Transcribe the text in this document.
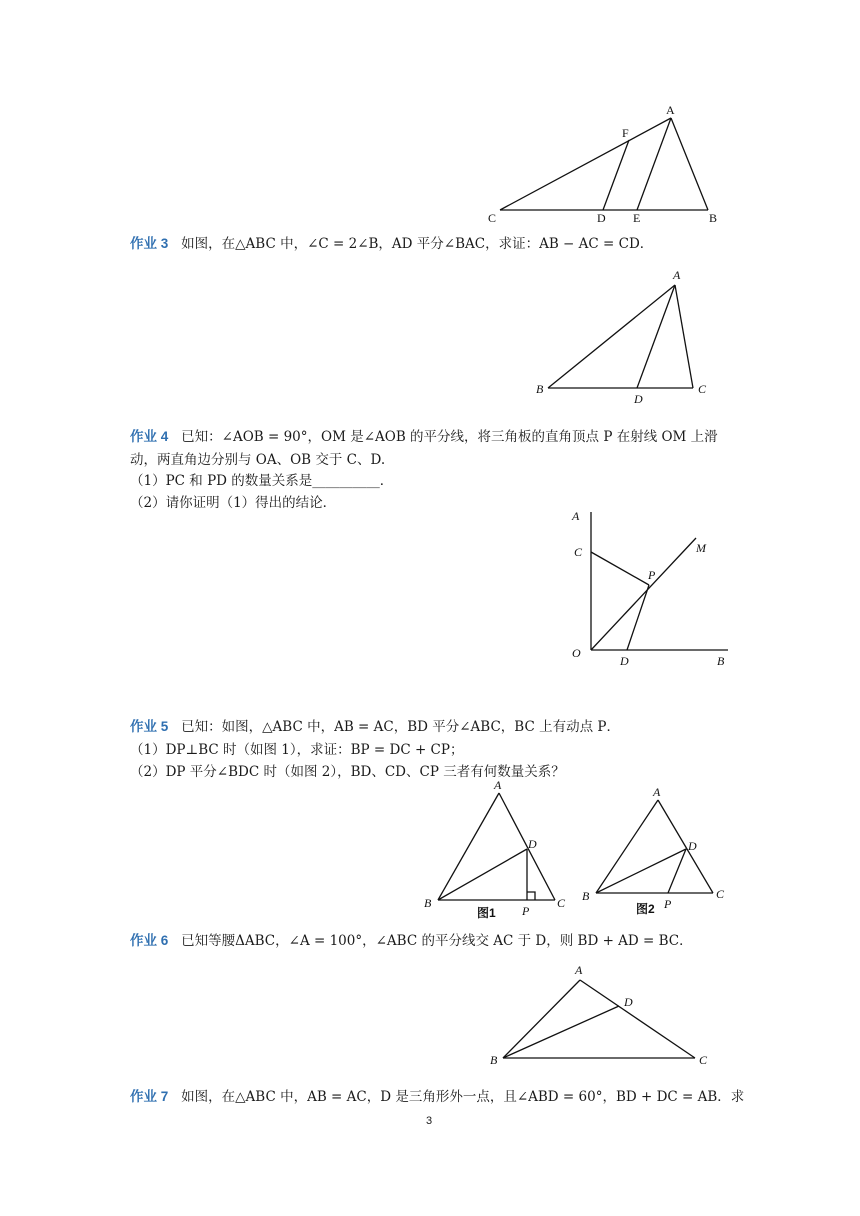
A
F
C	D E	B
作业 3 如图，在△ABC 中，∠C = 2∠B，AD 平分∠BAC，求证：AB − AC = CD．
A
B
D
C
作业 4 已知：∠AOB = 90°，OM 是∠AOB 的平分线，将三角板的直角顶点 P 在射线 OM 上滑
动，两直角边分别与 OA、OB 交于 C、D.
（1）PC 和 PD 的数量关系是__________．
（2）请你证明（1）得出的结论．
A
C	M
P
O
D	B
作业 5 已知：如图，△ABC 中，AB = AC，BD 平分∠ABC，BC 上有动点 P．
（1）DP⊥BC 时（如图 1），求证：BP = DC + CP；
（2）DP 平分∠BDC 时（如图 2），BD、CD、CP 三者有何数量关系？
A
D
B
P
C
图1
A
D
B
P
C
图2
作业 6 已知等腰ΔABC，∠A = 100°，∠ABC 的平分线交 AC 于 D，则 BD + AD = BC．
A
D
B	C
作业 7 如图，在△ABC 中，AB = AC，D 是三角形外一点，且∠ABD = 60°，BD + DC = AB．求
3
